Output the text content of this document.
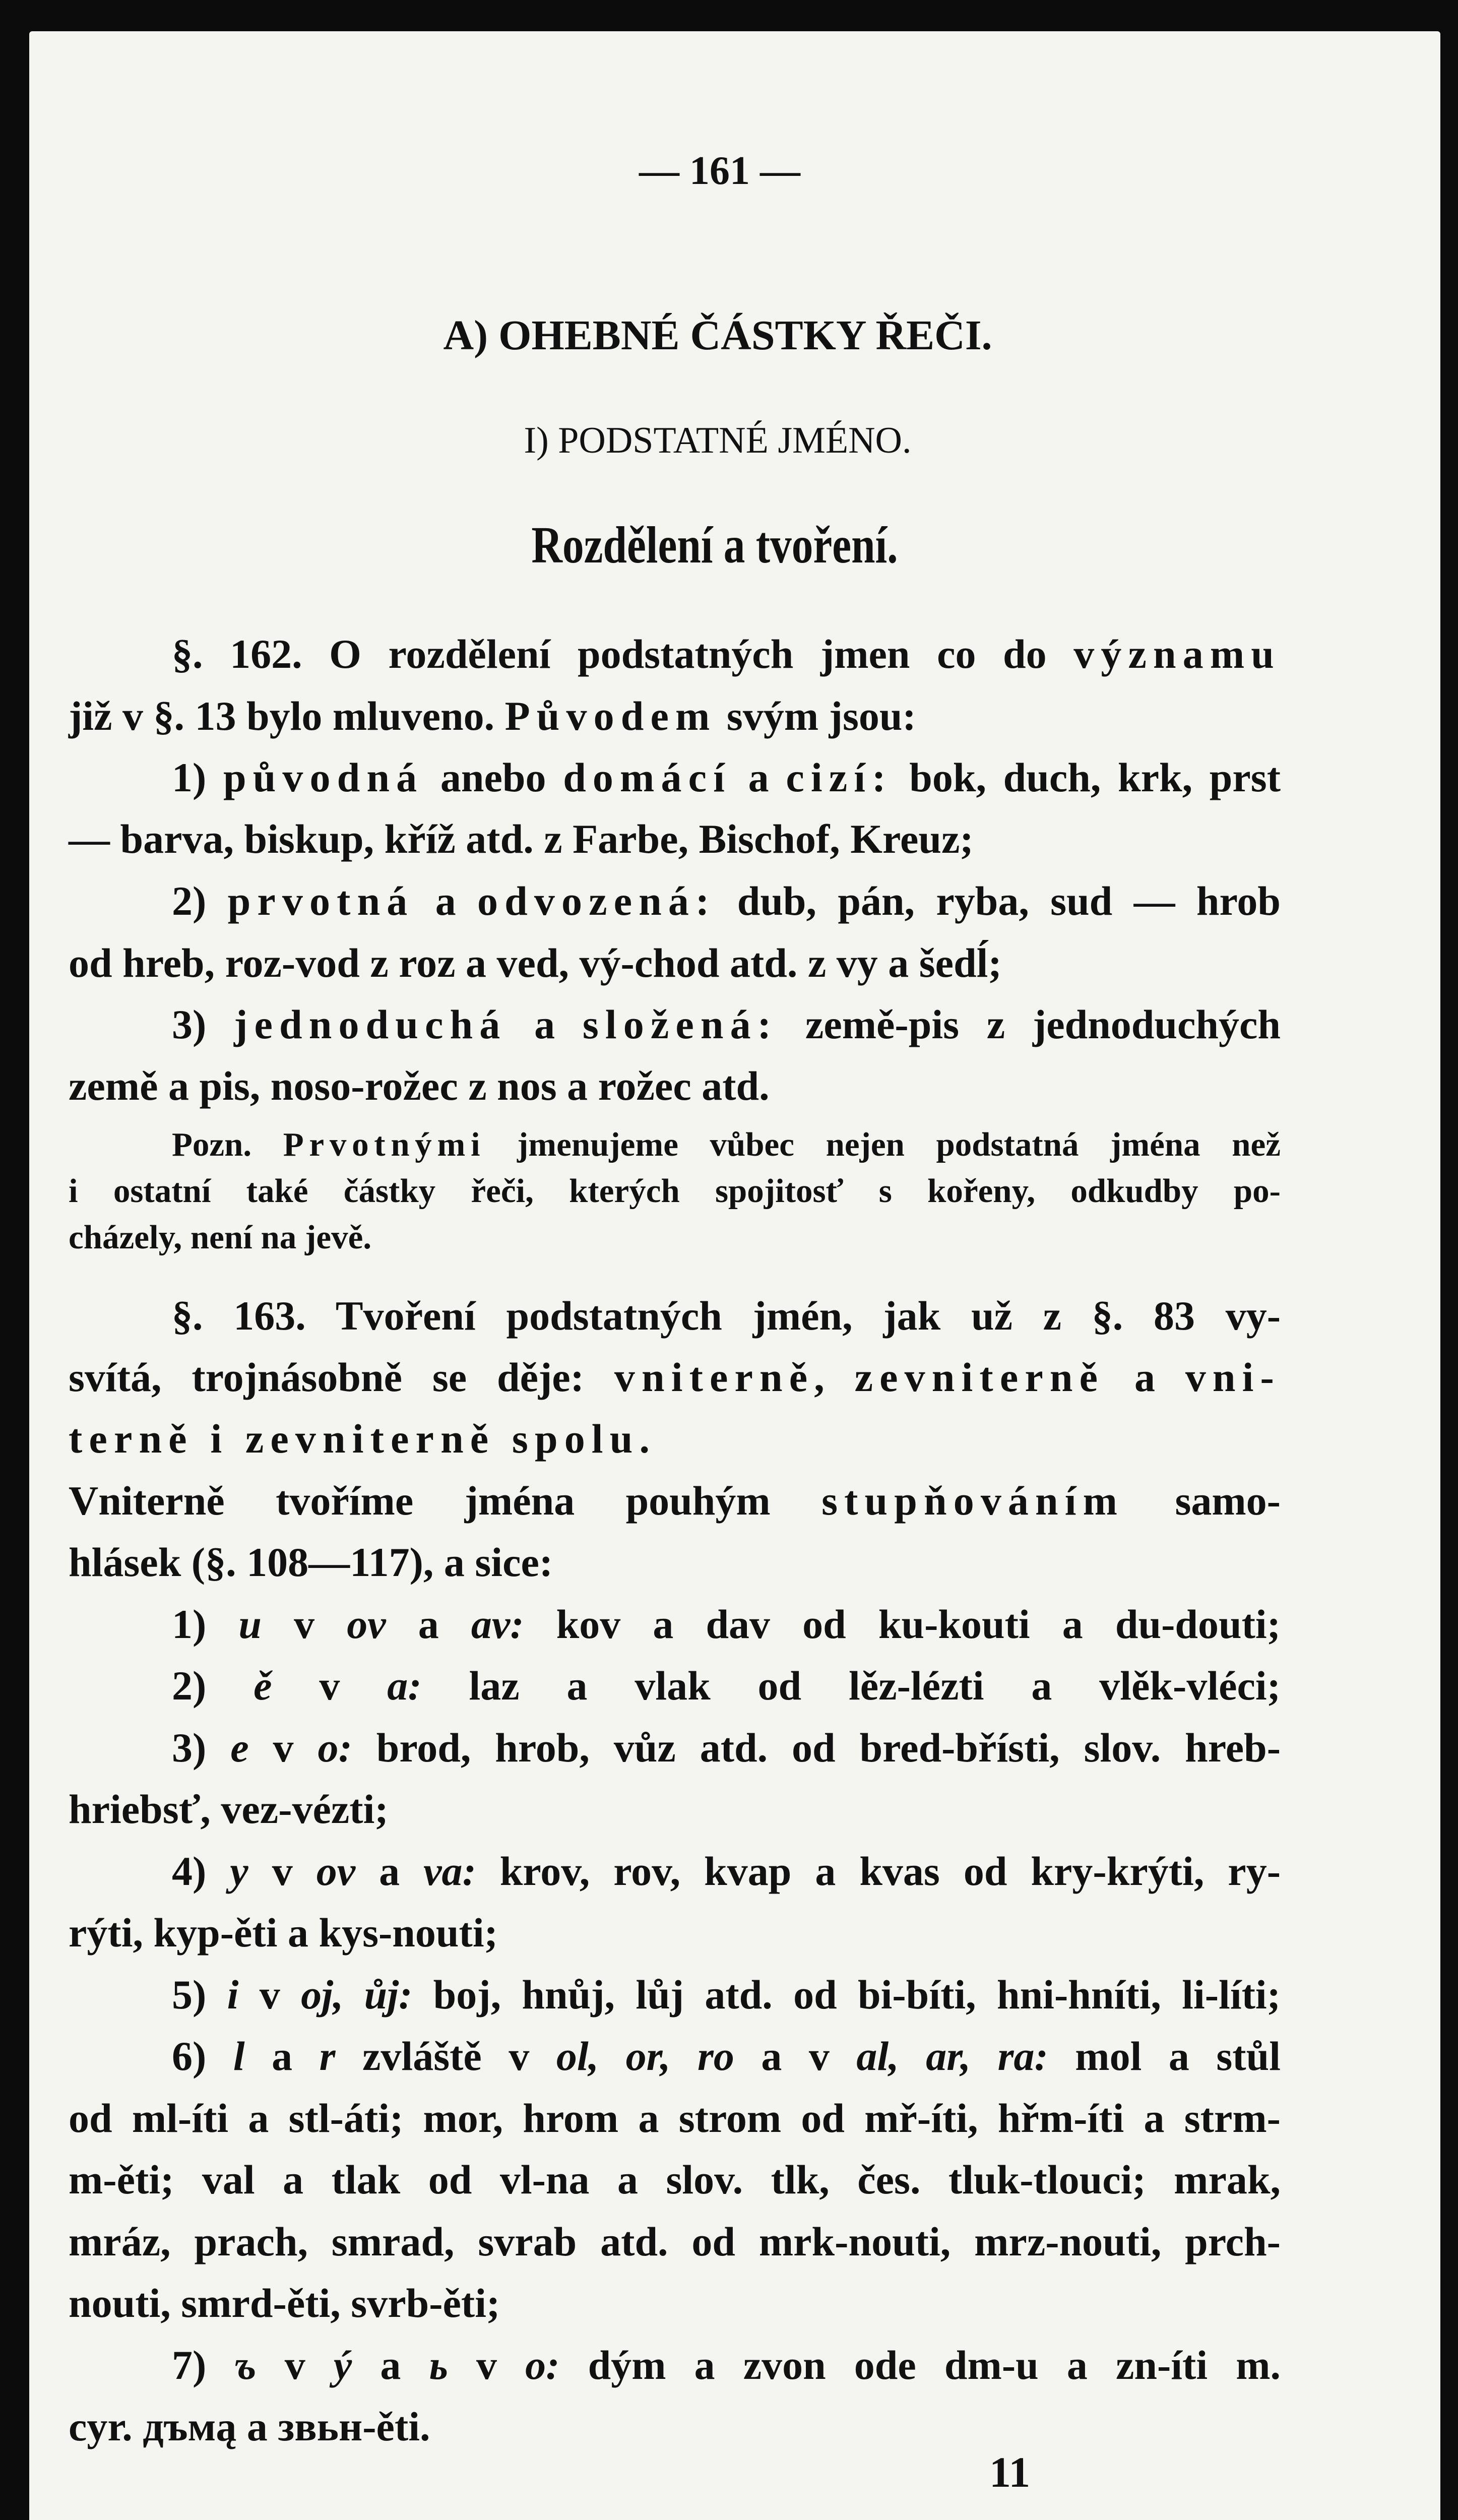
— 161 —
A) OHEBNÉ ČÁSTKY ŘEČI.
I) PODSTATNÉ JMÉNO.
Rozdělení a tvoření.
§. 162. O rozdělení podstatných jmen co do významu
již v §. 13 bylo mluveno. Původem svým jsou:
1) původná anebo domácí a cizí: bok, duch, krk, prst
— barva, biskup, kříž atd. z Farbe, Bischof, Kreuz;
2) prvotná a odvozená: dub, pán, ryba, sud — hrob
od hreb, roz-vod z roz a ved, vý-chod atd. z vy a šedĺ;
3) jednoduchá a složená: země-pis z jednoduchých
země a pis, noso-rožec z nos a rožec atd.
Pozn. Prvotnými jmenujeme vůbec nejen podstatná jména než
i ostatní také částky řeči, kterých spojitosť s kořeny, odkudby po-
cházely, není na jevě.
§. 163. Tvoření podstatných jmén, jak už z §. 83 vy-
svítá, trojnásobně se děje: vniterně, zevniterně a vni-
terně i zevniterně spolu.
Vniterně tvoříme jména pouhým stupňováním samo-
hlásek (§. 108—117), a sice:
1) u v ov a av: kov a dav od ku-kouti a du-douti;
2) ě v a: laz a vlak od lěz-lézti a vlěk-vléci;
3) e v o: brod, hrob, vůz atd. od bred-břísti, slov. hreb-
hriebsť, vez-vézti;
4) y v ov a va: krov, rov, kvap a kvas od kry-krýti, ry-
rýti, kyp-ěti a kys-nouti;
5) i v oj, ůj: boj, hnůj, lůj atd. od bi-bíti, hni-hníti, li-líti;
6) l a r zvláště v ol, or, ro a v al, ar, ra: mol a stůl
od ml-íti a stl-áti; mor, hrom a strom od mř-íti, hřm-íti a strm-
m-ěti; val a tlak od vl-na a slov. tlk, čes. tluk-tlouci; mrak,
mráz, prach, smrad, svrab atd. od mrk-nouti, mrz-nouti, prch-
nouti, smrd-ěti, svrb-ěti;
7) ъ v ý a ь v o: dým a zvon ode dm-u a zn-íti m.
cyr. дъмą a звьн-ěti.
11
